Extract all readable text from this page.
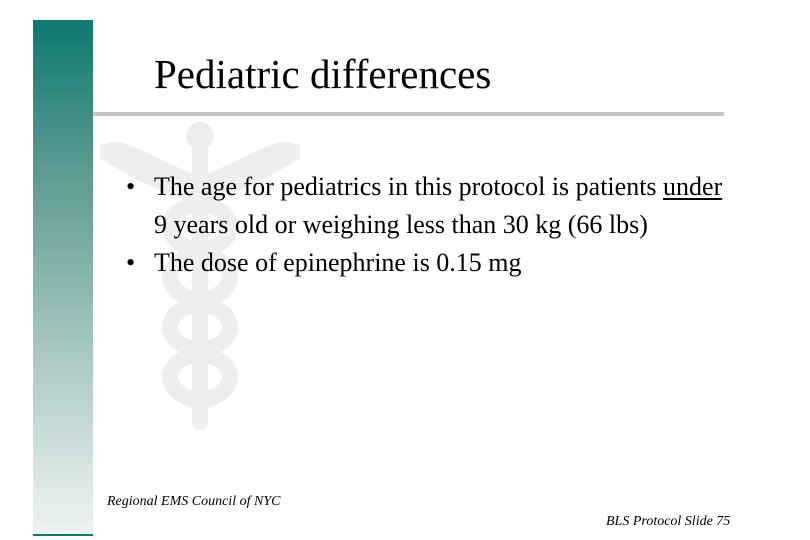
Pediatric differences
• The age for pediatrics in this protocol is patients under 9 years old or weighing less than 30 kg (66 lbs)
• The dose of epinephrine is 0.15 mg
Regional EMS Council of NYC
BLS Protocol Slide 75
